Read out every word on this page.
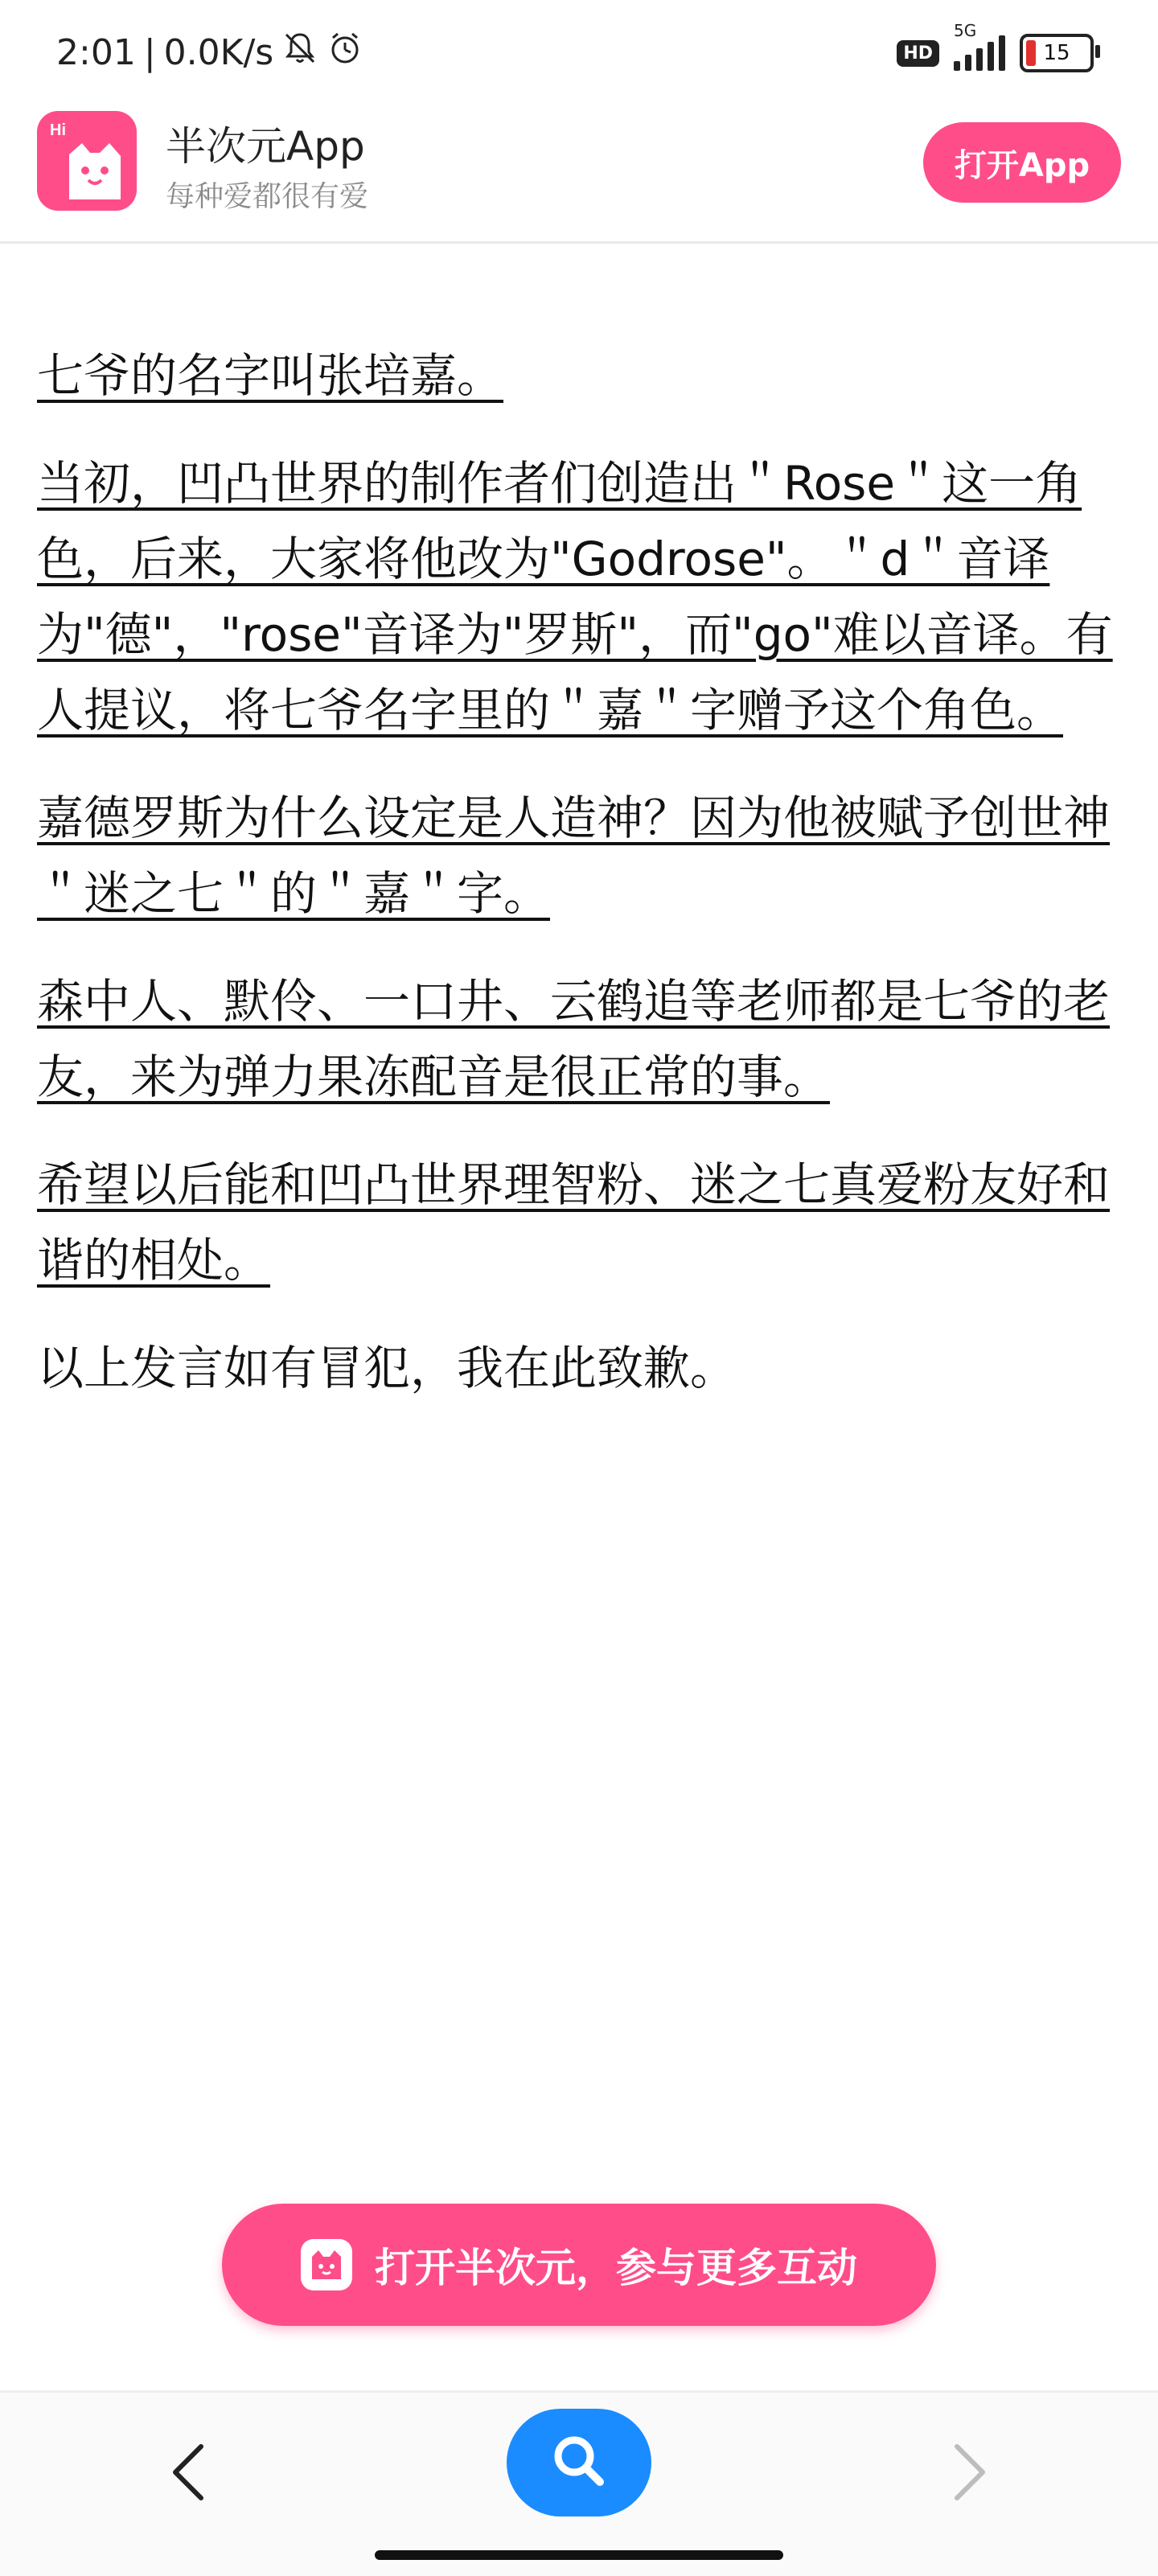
2:01 | 0.0K/s	HD
5G
15
Hi 半次元App
每种爱都很有爱
打开App

七爷的名字叫张培嘉。

当初，凹凸世界的制作者们创造出＂Rose＂这一角色，后来，大家将他改为"Godrose"。＂d＂音译为"德"，"rose"音译为"罗斯"，而"go"难以音译。有人提议，将七爷名字里的＂嘉＂字赠予这个角色。

嘉德罗斯为什么设定是人造神？因为他被赋予创世神＂迷之七＂的＂嘉＂字。

森中人、默伶、一口井、云鹤追等老师都是七爷的老友，来为弹力果冻配音是很正常的事。

希望以后能和凹凸世界理智粉、迷之七真爱粉友好和谐的相处。

以上发言如有冒犯，我在此致歉。

打开半次元，参与更多互动
